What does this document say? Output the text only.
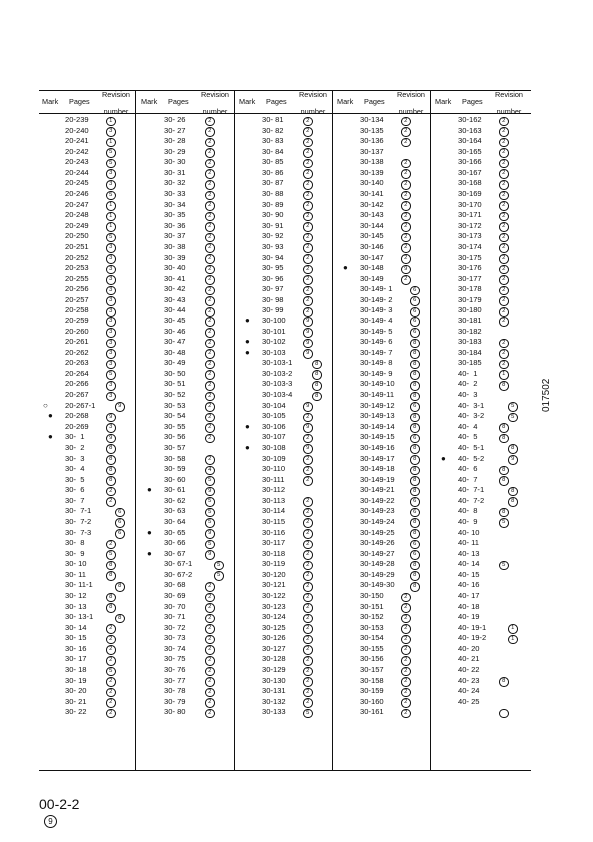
Mark Pages
Revision

number
20-239	1
20-240	3
20-241	1
20-242	5
20-243	5
20-244	3
20-245	3
20-246	5
20-247	1
20-248	1
20-249	1
20-250	5
20-251	3
20-252	3
20-253	3
20-255	3
20-256	3
20-257	3
20-258	3
20-259	3
20-260	3
20-261	3
20-262	3
20-263	3
20-264	5
20-266	3
20-267	3
○ 20-267-1	9
● 20-268	9
20-269	3
● 30-  1	9
30-  2	8
30-  3	8
30-  4	8
30-  5	8
30-  6	2
30-  7	2
30-  7-1	6
30-  7-2	6
30-  7-3	6
30-  8	2
30-  9	5
30- 10	8
30- 11	8
30- 11-1	8
30- 12	8
30- 13	8
30- 13-1	8
30- 14	2
30- 15	2
30- 16	2
30- 17	2
30- 18	5
30- 19	2
30- 20	2
30- 21	2
30- 22	2
Mark Pages
Revision

number
30- 26	2
30- 27	2
30- 28	2
30- 29	2
30- 30	2
30- 31	2
30- 32	2
30- 33	2
30- 34	2
30- 35	2
30- 36	2
30- 37	2
30- 38	2
30- 39	2
30- 40	2
30- 41	2
30- 42	2
30- 43	2
30- 44	2
30- 45	2
30- 46	2
30- 47	2
30- 48	2
30- 49	2
30- 50	2
30- 51	2
30- 52	2
30- 53	2
30- 54	2
30- 55	2
30- 56	2
30- 57
30- 58	2
30- 59	4
30- 60	5
● 30- 61	9
30- 62	5
30- 63	5
30- 64	5
● 30- 65	9
30- 66	5
● 30- 67	9
30- 67-1	5
30- 67-2	5
30- 68	2
30- 69	2
30- 70	2
30- 71	2
30- 72	2
30- 73	2
30- 74	2
30- 75	2
30- 76	2
30- 77	2
30- 78	2
30- 79	2
30- 80	2
Mark Pages
Revision

number
30- 81	2
30- 82	2
30- 83	2
30- 84	2
30- 85	2
30- 86	2
30- 87	2
30- 88	2
30- 89	2
30- 90	2
30- 91	2
30- 92	2
30- 93	2
30- 94	2
30- 95	2
30- 96	2
30- 97	2
30- 98	2
30- 99	2
● 30-100	9
30-101	9
● 30-102	9
● 30-103	9
30-103-1	8
30-103-2	8
30-103-3	8
30-103-4	8
30-104	9
30-105	2
● 30-106	9
30-107	2
● 30-108	9
30-109	2
30-110	2
30-111	2
30-112
30-113	2
30-114	2
30-115	2
30-116	2
30-117	2
30-118	2
30-119	2
30-120	2
30-121	2
30-122	2
30-123	2
30-124	2
30-125	2
30-126	2
30-127	2
30-128	2
30-129	2
30-130	2
30-131	2
30-132	2
30-133	5
Mark Pages
Revision

number
30-134	2
30-135	2
30-136	2
30-137
30-138	2
30-139	2
30-140	2
30-141	2
30-142	2
30-143	2
30-144	2
30-145	2
30-146	2
30-147	2
● 30-148	9
30-149	2
30-149- 1	6
30-149- 2	6
30-149- 3	6
30-149- 4	6
30-149- 5	6
30-149- 6	8
30-149- 7	8
30-149- 8	8
30-149- 9	8
30-149-10	8
30-149-11	8
30-149-12	6
30-149-13	8
30-149-14	8
30-149-15	6
30-149-16	8
30-149-17	8
30-149-18	8
30-149-19	8
30-149-21	8
30-149-22	6
30-149-23	6
30-149-24	8
30-149-25	8
30-149-26	6
30-149-27	6
30-149-28	8
30-149-29	8
30-149-30	8
30-150	2
30-151	2
30-152	2
30-153	2
30-154	2
30-155	2
30-156	2
30-157	2
30-158	2
30-159	2
30-160	2
30-161	2
Mark Pages
Revision

number
30-162	2
30-163	2
30-164	2
30-165	2
30-166	2
30-167	2
30-168	2
30-169	2
30-170	2
30-171	2
30-172	2
30-173	2
30-174	2
30-175	2
30-176	2
30-177	2
30-178	2
30-179	2
30-180	2
30-181	2
30-182
30-183	2
30-184	2
30-185	2
40-  1	1
40-  2	8
40-  3
40-  3-1	5
40-  3-2	5
40-  4	8
40-  5	8
40-  5-1	8
● 40-  5-2	9
40-  6	8
40-  7	8
40-  7-1	8
40-  7-2	8
40-  8	8
40-  9	5
40- 10
40- 11
40- 13
40- 14	5
40- 15
40- 16
40- 17
40- 18
40- 19
40- 19-1	1
40- 19-2	1
40- 20
40- 21
40- 22
40- 23	8
40- 24
40- 25
017502
00-2-2
9
